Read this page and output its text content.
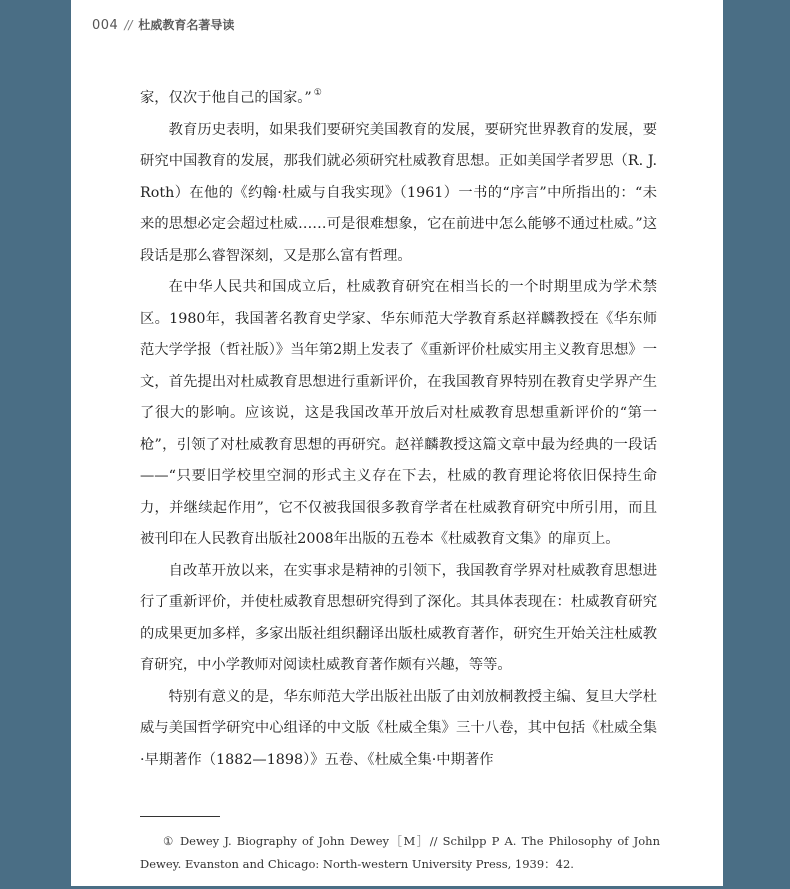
004 // 杜威教育名著导读

家，仅次于他自己的国家。” ①

教育历史表明，如果我们要研究美国教育的发展，要研究世界教育的发展，要研究中国教育的发展，那我们就必须研究杜威教育思想。正如美国学者罗思（R. J. Roth）在他的《约翰·杜威与自我实现》（1961）一书的“序言”中所指出的：“未来的思想必定会超过杜威……可是很难想象，它在前进中怎么能够不通过杜威。”这段话是那么睿智深刻，又是那么富有哲理。

在中华人民共和国成立后，杜威教育研究在相当长的一个时期里成为学术禁区。1980年，我国著名教育史学家、华东师范大学教育系赵祥麟教授在《华东师范大学学报（哲社版）》当年第2期上发表了《重新评价杜威实用主义教育思想》一文，首先提出对杜威教育思想进行重新评价，在我国教育界特别在教育史学界产生了很大的影响。应该说，这是我国改革开放后对杜威教育思想重新评价的“第一枪”，引领了对杜威教育思想的再研究。赵祥麟教授这篇文章中最为经典的一段话——“只要旧学校里空洞的形式主义存在下去，杜威的教育理论将依旧保持生命力，并继续起作用”，它不仅被我国很多教育学者在杜威教育研究中所引用，而且被刊印在人民教育出版社2008年出版的五卷本《杜威教育文集》的扉页上。

自改革开放以来，在实事求是精神的引领下，我国教育学界对杜威教育思想进行了重新评价，并使杜威教育思想研究得到了深化。其具体表现在：杜威教育研究的成果更加多样，多家出版社组织翻译出版杜威教育著作，研究生开始关注杜威教育研究，中小学教师对阅读杜威教育著作颇有兴趣，等等。

特别有意义的是，华东师范大学出版社出版了由刘放桐教授主编、复旦大学杜威与美国哲学研究中心组译的中文版《杜威全集》三十八卷，其中包括《杜威全集·早期著作（1882—1898）》五卷、《杜威全集·中期著作

① Dewey J. Biography of John Dewey［M］// Schilpp P A. The Philosophy of John Dewey. Evanston and Chicago: North-western University Press, 1939：42.
